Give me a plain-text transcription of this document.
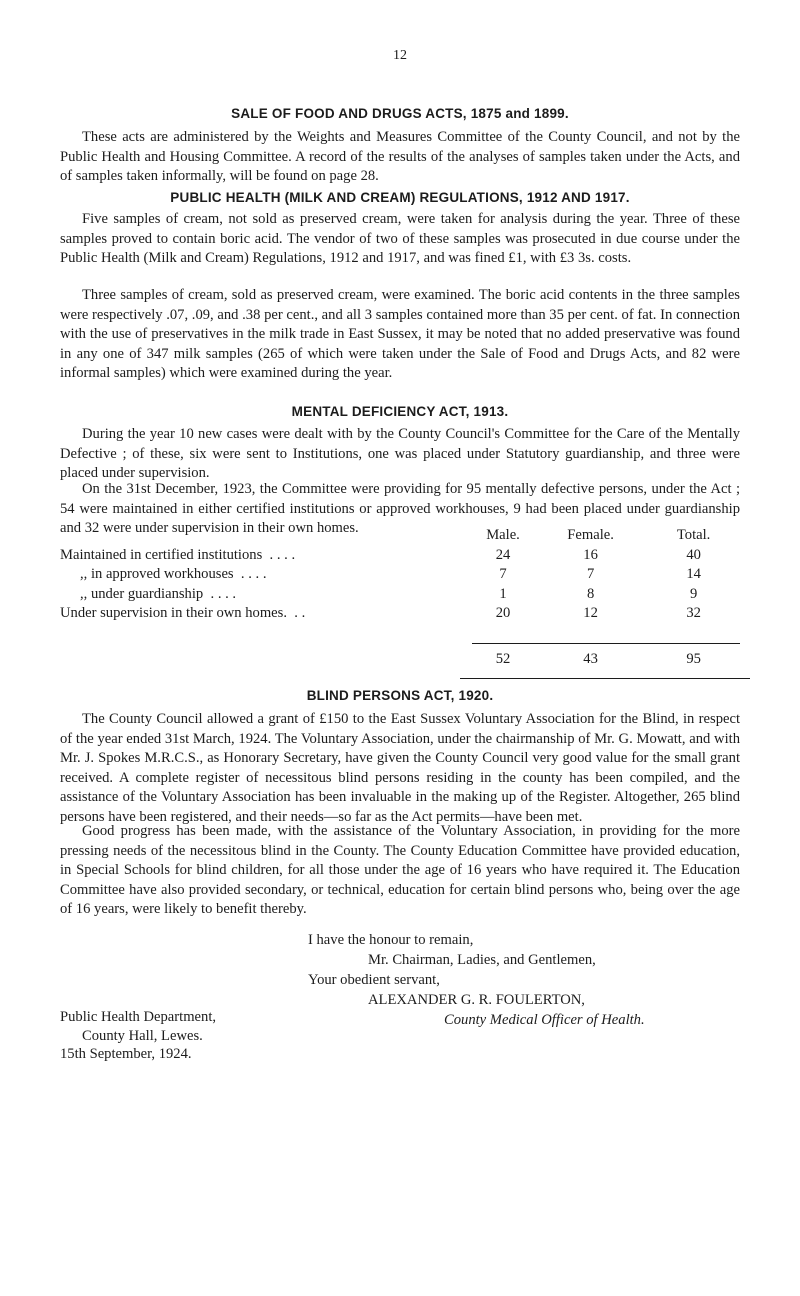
12
SALE OF FOOD AND DRUGS ACTS, 1875 and 1899.

These acts are administered by the Weights and Measures Committee of the County Council, and not by the Public Health and Housing Committee. A record of the results of the analyses of samples taken under the Acts, and of samples taken informally, will be found on page 28.

PUBLIC HEALTH (MILK AND CREAM) REGULATIONS, 1912 AND 1917.

Five samples of cream, not sold as preserved cream, were taken for analysis during the year. Three of these samples proved to contain boric acid. The vendor of two of these samples was prosecuted in due course under the Public Health (Milk and Cream) Regulations, 1912 and 1917, and was fined £1, with £3 3s. costs.

Three samples of cream, sold as preserved cream, were examined. The boric acid contents in the three samples were respectively .07, .09, and .38 per cent., and all 3 samples contained more than 35 per cent. of fat. In connection with the use of preservatives in the milk trade in East Sussex, it may be noted that no added preservative was found in any one of 347 milk samples (265 of which were taken under the Sale of Food and Drugs Acts, and 82 were informal samples) which were examined during the year.

MENTAL DEFICIENCY ACT, 1913.

During the year 10 new cases were dealt with by the County Council's Committee for the Care of the Mentally Defective ; of these, six were sent to Institutions, one was placed under Statutory guardianship, and three were placed under supervision.

On the 31st December, 1923, the Committee were providing for 95 mentally defective persons, under the Act ; 54 were maintained in either certified institutions or approved workhouses, 9 had been placed under guardianship and 32 were under supervision in their own homes.

		Male.	Female.	Total.
Maintained in certified institutions . . . .	24	16	40
,, in approved workhouses . . . .	7	7	14
,, under guardianship . . . .	1	8	9
Under supervision in their own homes. . .	20	12	32

	52	43	95
BLIND PERSONS ACT, 1920.

The County Council allowed a grant of £150 to the East Sussex Voluntary Association for the Blind, in respect of the year ended 31st March, 1924. The Voluntary Association, under the chairmanship of Mr. G. Mowatt, and with Mr. J. Spokes M.R.C.S., as Honorary Secretary, have given the County Council very good value for the small grant received. A complete register of necessitous blind persons residing in the county has been compiled, and the assistance of the Voluntary Association has been invaluable in the making up of the Register. Altogether, 265 blind persons have been registered, and their needs—so far as the Act permits—have been met.

Good progress has been made, with the assistance of the Voluntary Association, in providing for the more pressing needs of the necessitous blind in the County. The County Education Committee have provided education, in Special Schools for blind children, for all those under the age of 16 years who have required it. The Education Committee have also provided secondary, or technical, education for certain blind persons who, being over the age of 16 years, were likely to benefit thereby.

I have the honour to remain,
Mr. Chairman, Ladies, and Gentlemen,
Your obedient servant,
ALEXANDER G. R. FOULERTON,
County Medical Officer of Health.
Public Health Department,
County Hall, Lewes.
15th September, 1924.
